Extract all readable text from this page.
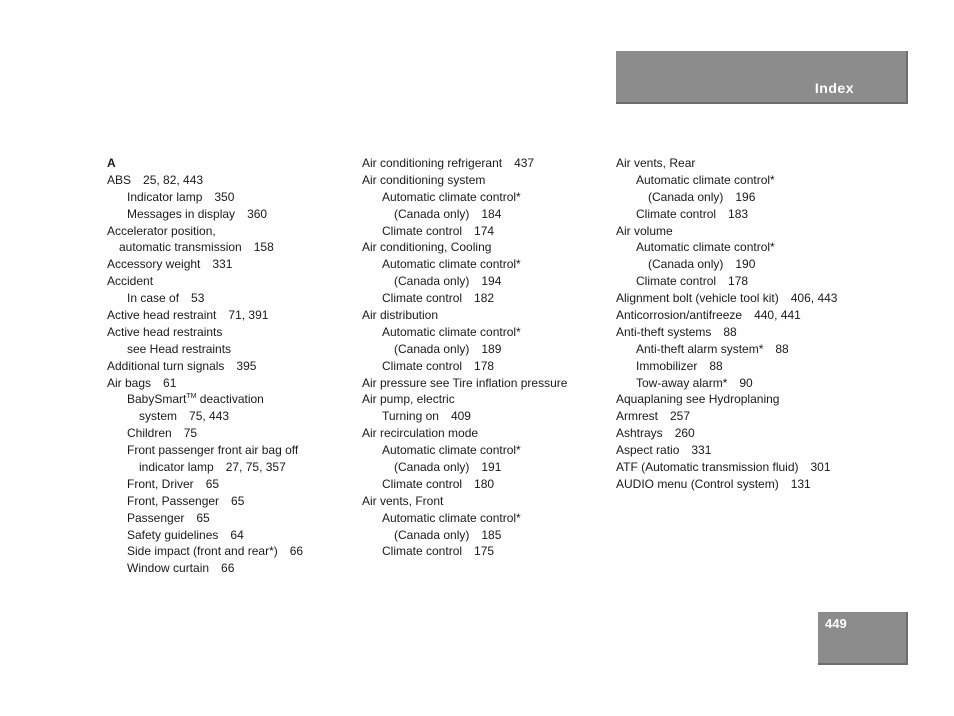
Index
A
ABS 25, 82, 443
Indicator lamp 350
Messages in display 360
Accelerator position,
automatic transmission 158
Accessory weight 331
Accident
In case of 53
Active head restraint 71, 391
Active head restraints
see Head restraints
Additional turn signals 395
Air bags 61
BabySmart™ deactivation
system 75, 443
Children 75
Front passenger front air bag off
indicator lamp 27, 75, 357
Front, Driver 65
Front, Passenger 65
Passenger 65
Safety guidelines 64
Side impact (front and rear*) 66
Window curtain 66
Air conditioning refrigerant 437
Air conditioning system
Automatic climate control*
(Canada only) 184
Climate control 174
Air conditioning, Cooling
Automatic climate control*
(Canada only) 194
Climate control 182
Air distribution
Automatic climate control*
(Canada only) 189
Climate control 178
Air pressure see Tire inflation pressure
Air pump, electric
Turning on 409
Air recirculation mode
Automatic climate control*
(Canada only) 191
Climate control 180
Air vents, Front
Automatic climate control*
(Canada only) 185
Climate control 175
Air vents, Rear
Automatic climate control*
(Canada only) 196
Climate control 183
Air volume
Automatic climate control*
(Canada only) 190
Climate control 178
Alignment bolt (vehicle tool kit) 406, 443
Anticorrosion/antifreeze 440, 441
Anti-theft systems 88
Anti-theft alarm system* 88
Immobilizer 88
Tow-away alarm* 90
Aquaplaning see Hydroplaning
Armrest 257
Ashtrays 260
Aspect ratio 331
ATF (Automatic transmission fluid) 301
AUDIO menu (Control system) 131
449
